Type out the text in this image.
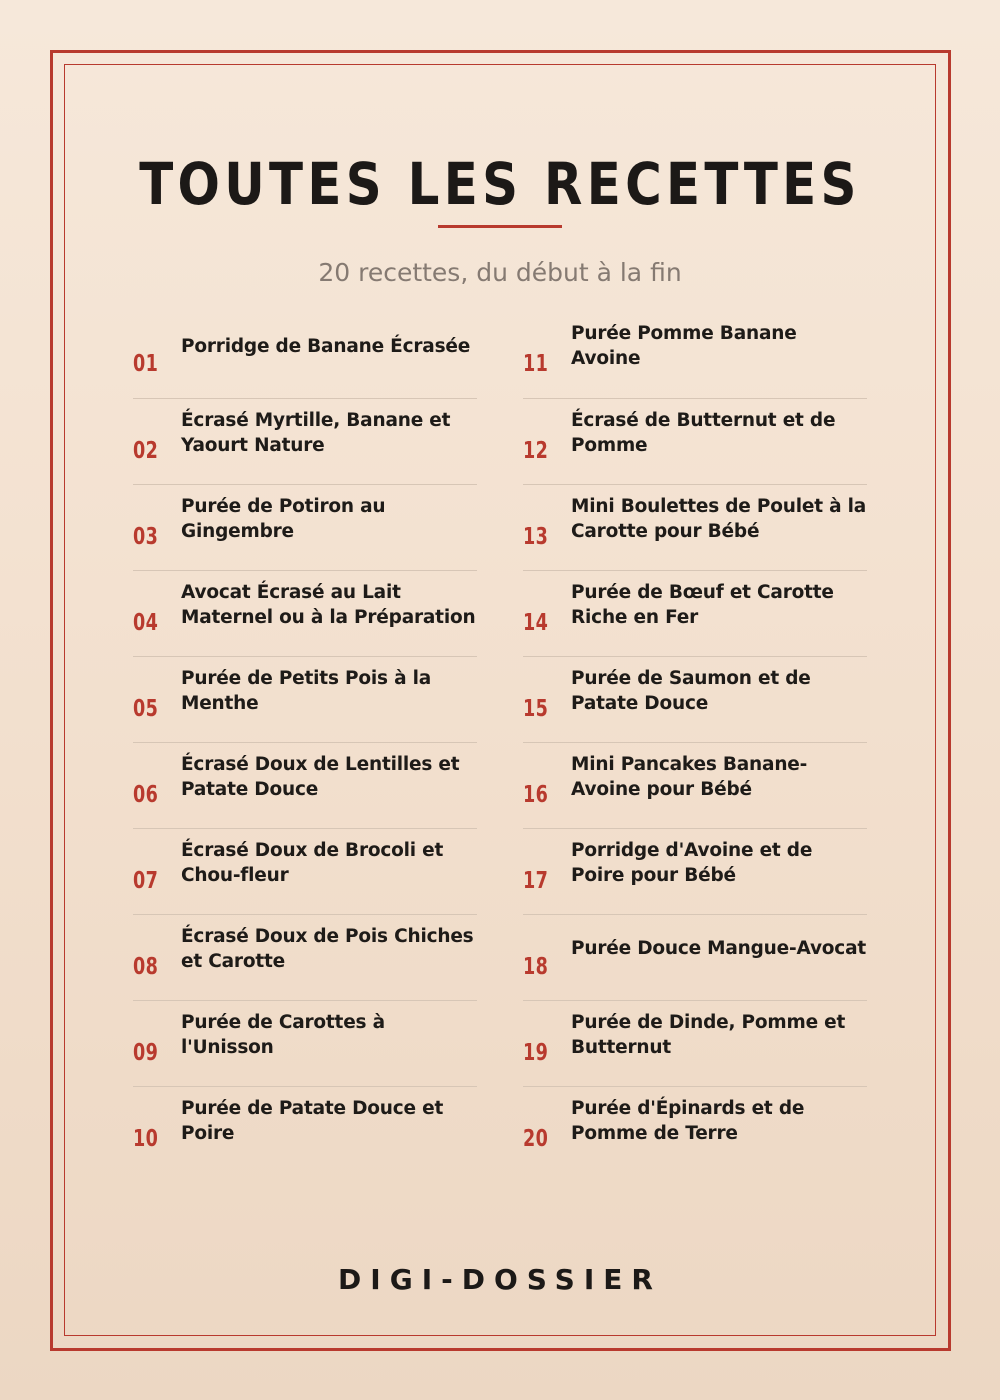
TOUTES LES RECETTES
20 recettes, du début à la fin
01
Porridge de Banane Écrasée
02
Écrasé Myrtille, Banane et Yaourt Nature
03
Purée de Potiron au Gingembre
04
Avocat Écrasé au Lait Maternel ou à la Préparation
05
Purée de Petits Pois à la Menthe
06
Écrasé Doux de Lentilles et Patate Douce
07
Écrasé Doux de Brocoli et Chou-fleur
08
Écrasé Doux de Pois Chiches et Carotte
09
Purée de Carottes à l'Unisson
10
Purée de Patate Douce et Poire
11
Purée Pomme Banane Avoine
12
Écrasé de Butternut et de Pomme
13
Mini Boulettes de Poulet à la Carotte pour Bébé
14
Purée de Bœuf et Carotte Riche en Fer
15
Purée de Saumon et de Patate Douce
16
Mini Pancakes Banane-Avoine pour Bébé
17
Porridge d'Avoine et de Poire pour Bébé
18
Purée Douce Mangue-Avocat
19
Purée de Dinde, Pomme et Butternut
20
Purée d'Épinards et de Pomme de Terre
DIGI-DOSSIER
